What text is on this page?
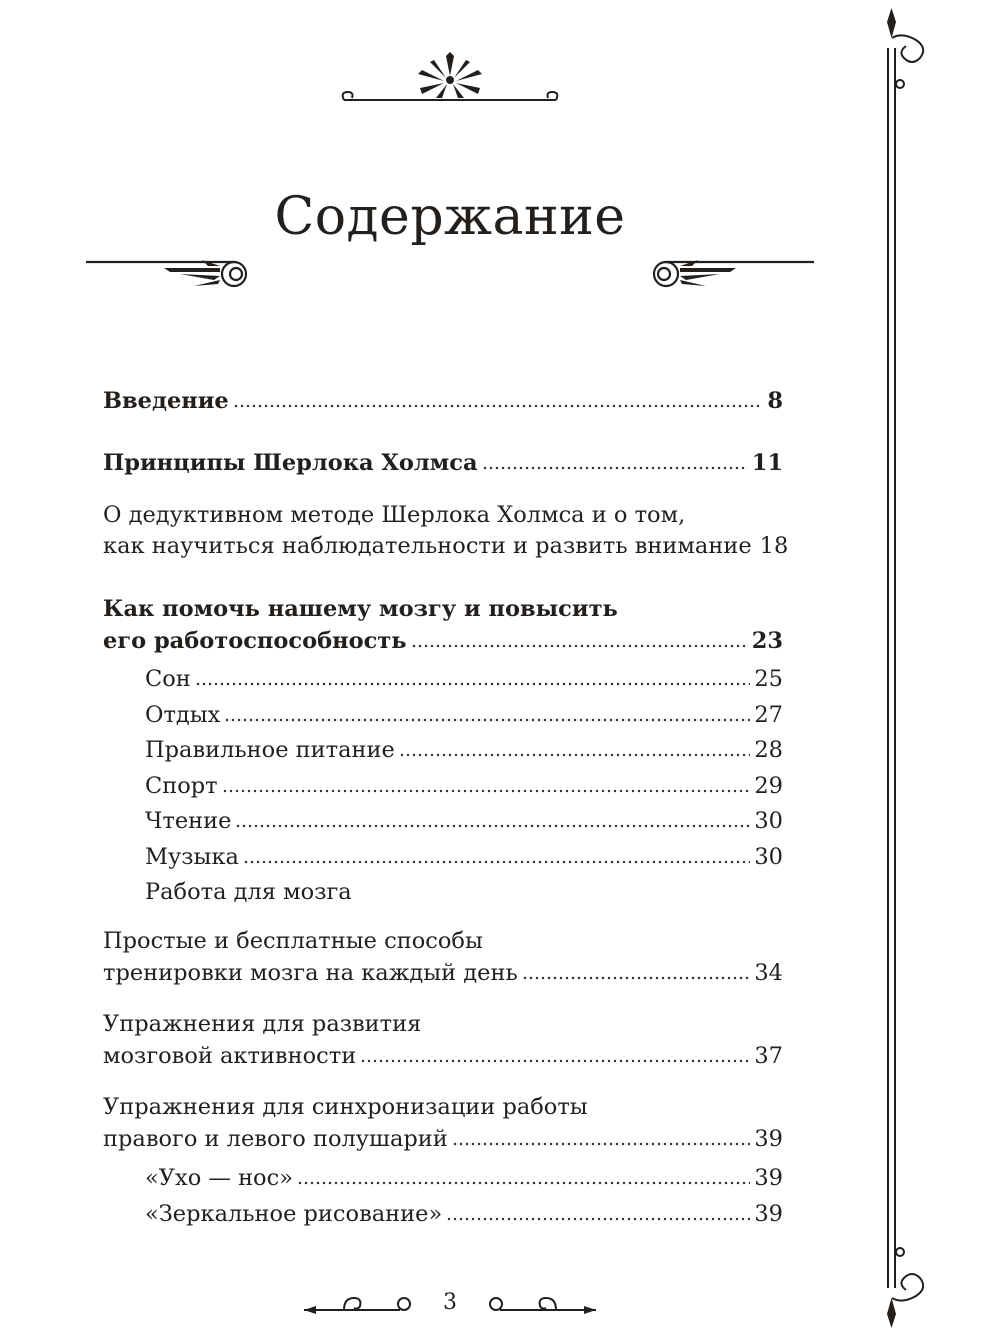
Содержание
Введение	8
Принципы Шерлока Холмса	11
О дедуктивном методе Шерлока Холмса и о том,
как научиться наблюдательности и развить внимание 18
Как помочь нашему мозгу и повысить
его работоспособность	23
Сон	25
Отдых	27
Правильное питание	28
Спорт	29
Чтение	30
Музыка	30
Работа для мозга
Простые и бесплатные способы
тренировки мозга на каждый день	34
Упражнения для развития
мозговой активности	37
Упражнения для синхронизации работы
правого и левого полушарий	39
«Ухо — нос»	39
«Зеркальное рисование»	39
3
